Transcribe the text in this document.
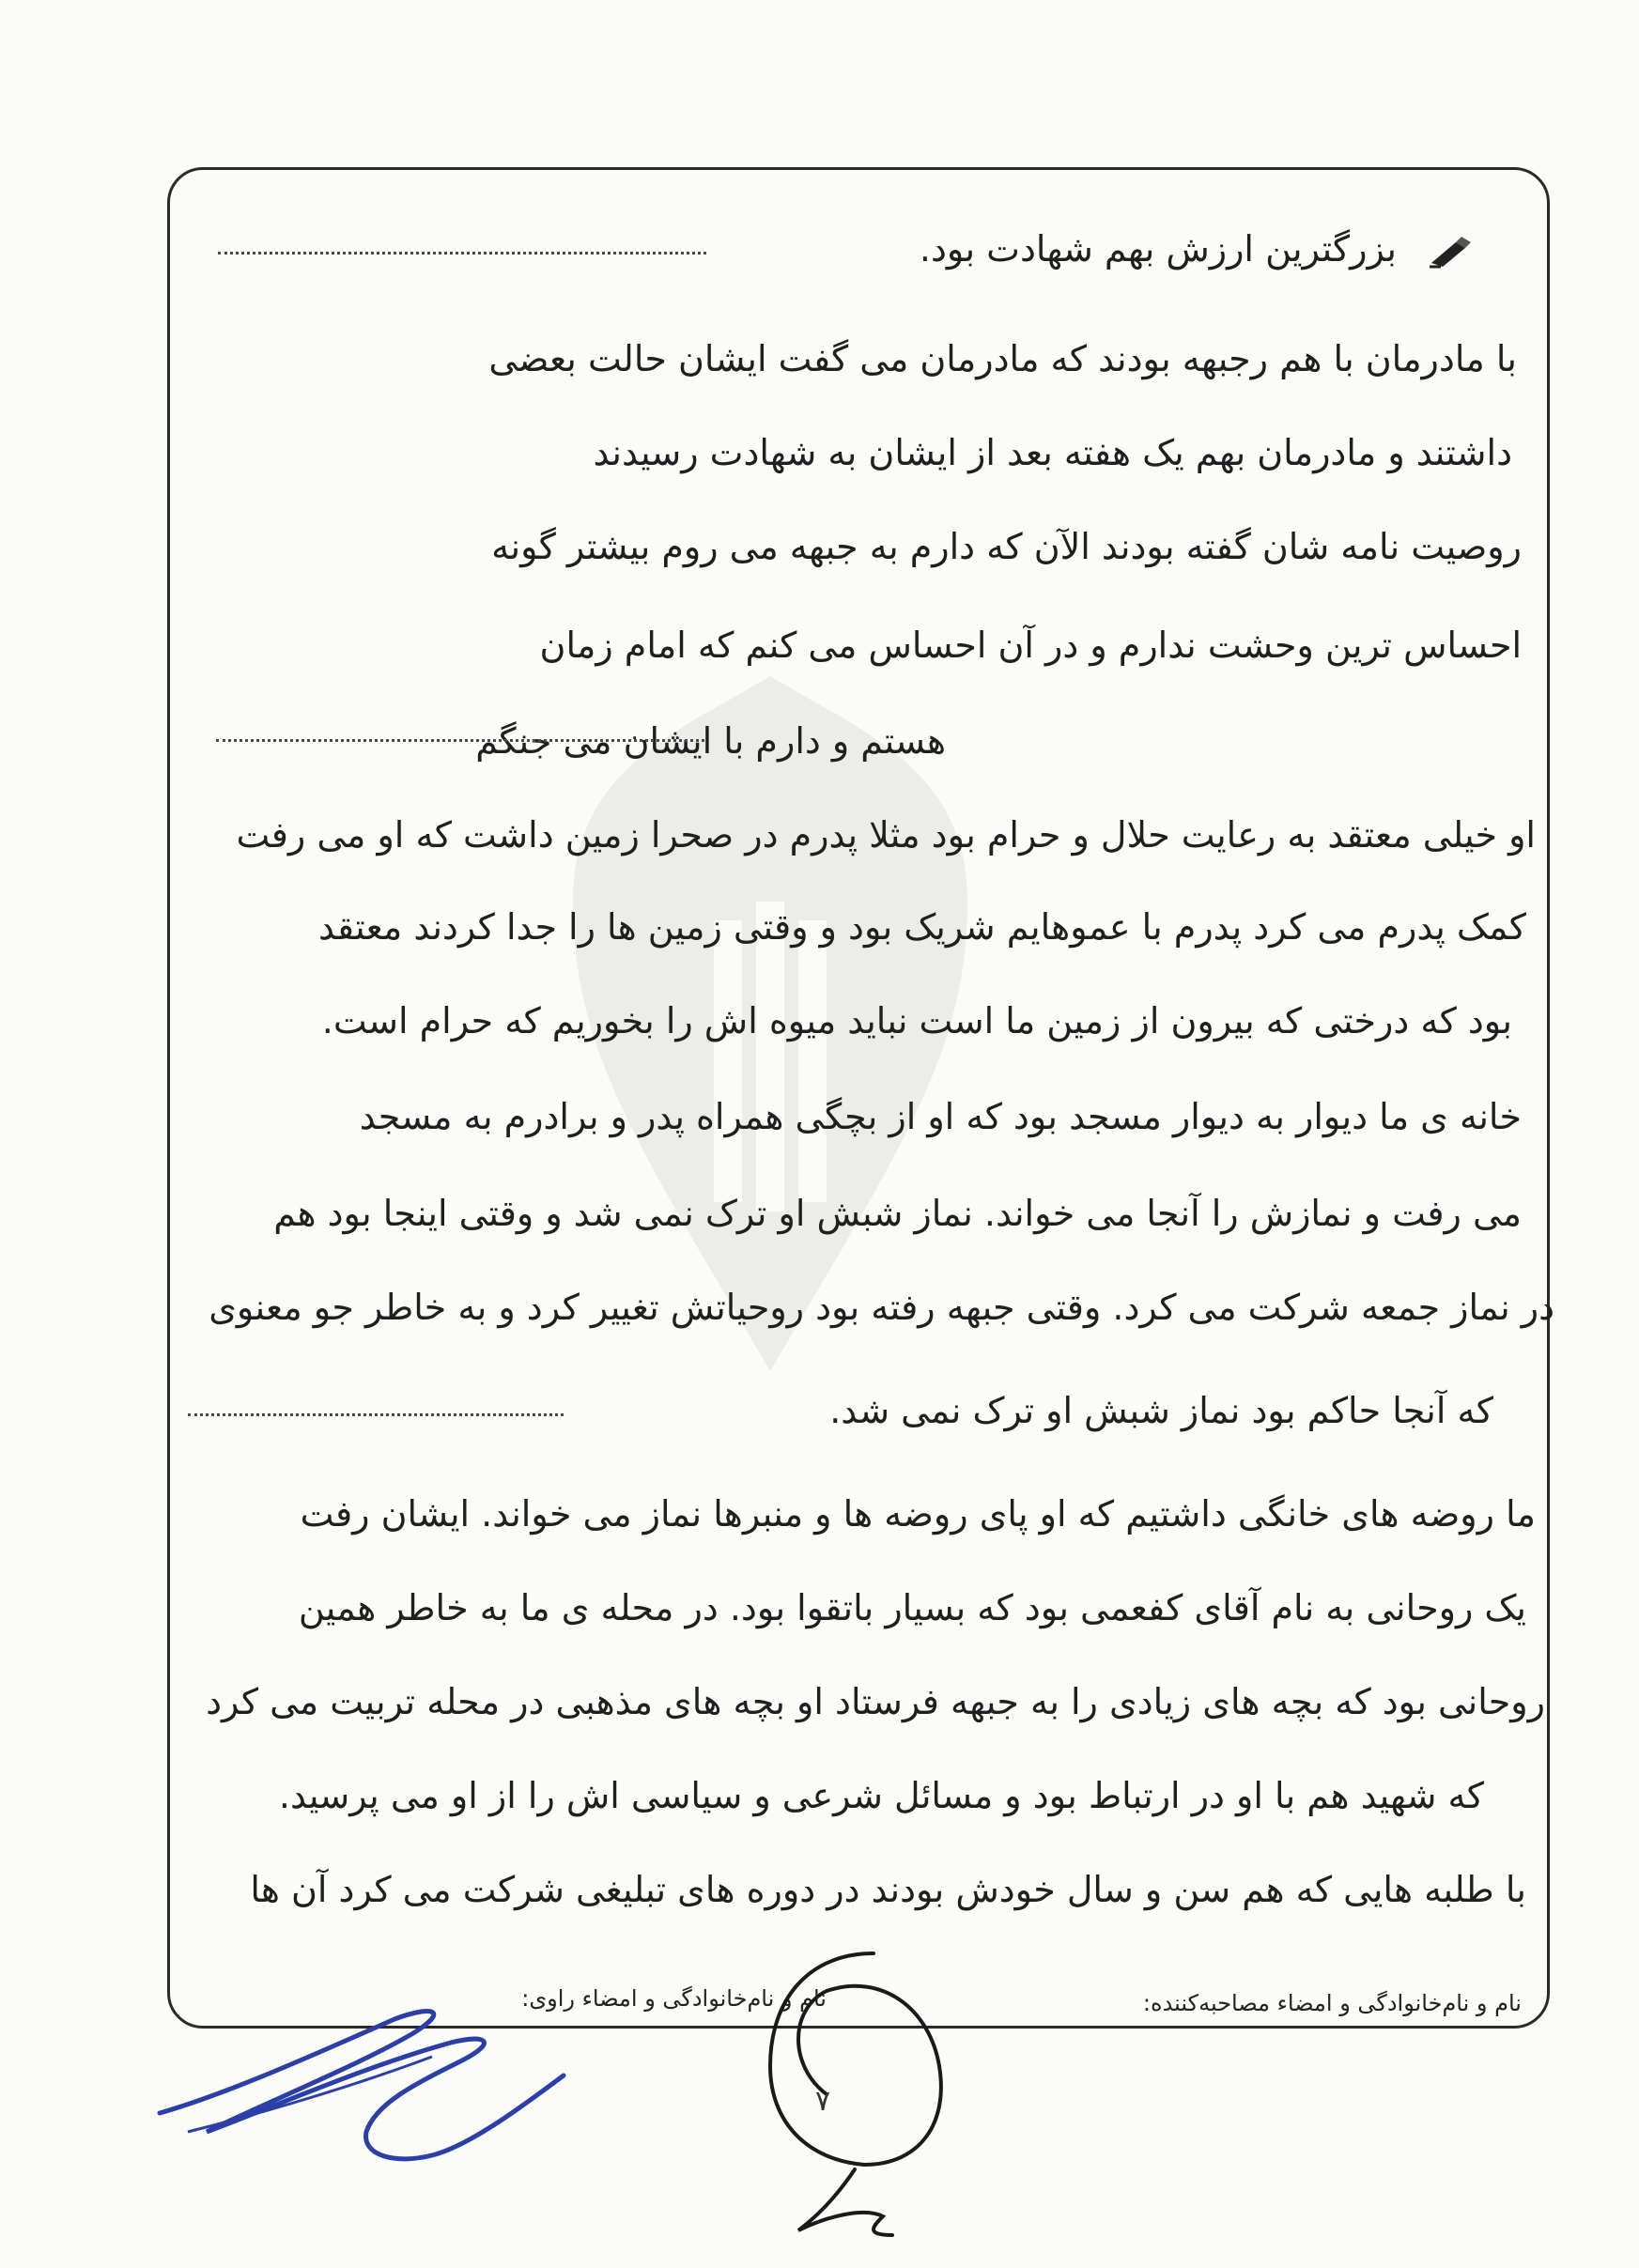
بزرگترین ارزش بهم شهادت بود.
با مادرمان با هم رجبهه بودند که مادرمان می گفت ایشان حالت بعضی
داشتند و مادرمان بهم یک هفته بعد از ایشان به شهادت رسیدند
روصیت نامه شان گفته بودند الآن که دارم به جبهه می روم بیشتر گونه
احساس ترین وحشت ندارم و در آن احساس می کنم که امام زمان
هستم و دارم با ایشان می جنگم
او خیلی معتقد به رعایت حلال و حرام بود مثلا پدرم در صحرا زمین داشت که او می رفت
کمک پدرم می کرد پدرم با عموهایم شریک بود و وقتی زمین ها را جدا کردند معتقد
بود که درختی که بیرون از زمین ما است نباید میوه اش را بخوریم که حرام است.
خانه ی ما دیوار به دیوار مسجد بود که او از بچگی همراه پدر و برادرم به مسجد
می رفت و نمازش را آنجا می خواند. نماز شبش او ترک نمی شد و وقتی اینجا بود هم
در نماز جمعه شرکت می کرد. وقتی جبهه رفته بود روحیاتش تغییر کرد و به خاطر جو معنوی
که آنجا حاکم بود نماز شبش او ترک نمی شد.
ما روضه های خانگی داشتیم که او پای روضه ها و منبرها نماز می خواند. ایشان رفت
یک روحانی به نام آقای کفعمی بود که بسیار باتقوا بود. در محله ی ما به خاطر همین
روحانی بود که بچه های زیادی را به جبهه فرستاد او بچه های مذهبی در محله تربیت می کرد
که شهید هم با او در ارتباط بود و مسائل شرعی و سیاسی اش را از او می پرسید.
با طلبه هایی که هم سن و سال خودش بودند در دوره های تبلیغی شرکت می کرد آن ها
نام و نام‌خانوادگی و امضاء مصاحبه‌کننده:
نام و نام‌خانوادگی و امضاء راوی:
۷
